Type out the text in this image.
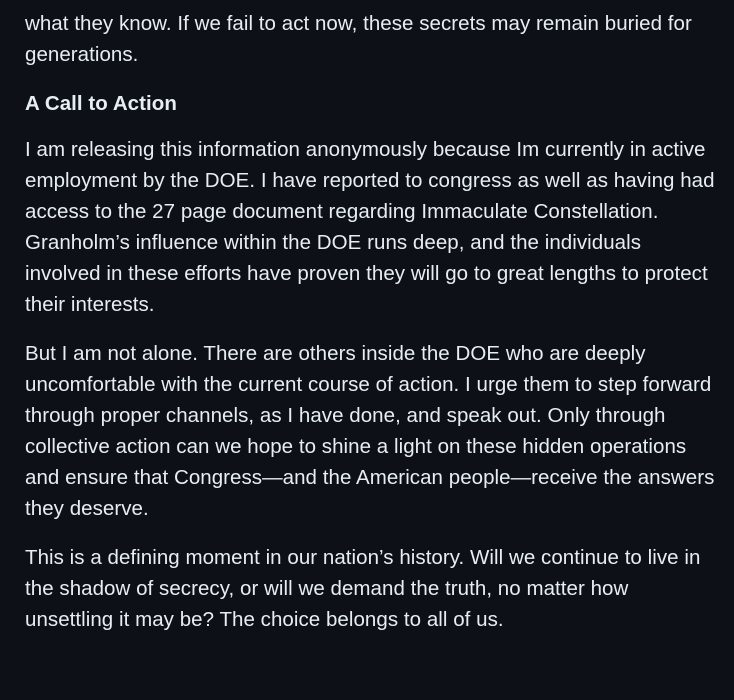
what they know. If we fail to act now, these secrets may remain buried for generations.

A Call to Action

I am releasing this information anonymously because Im currently in active employment by the DOE. I have reported to congress as well as having had access to the 27 page document regarding Immaculate Constellation. Granholm’s influence within the DOE runs deep, and the individuals involved in these efforts have proven they will go to great lengths to protect their interests.

But I am not alone. There are others inside the DOE who are deeply uncomfortable with the current course of action. I urge them to step forward through proper channels, as I have done, and speak out. Only through collective action can we hope to shine a light on these hidden operations and ensure that Congress—and the American people—receive the answers they deserve.

This is a defining moment in our nation’s history. Will we continue to live in the shadow of secrecy, or will we demand the truth, no matter how unsettling it may be? The choice belongs to all of us.
